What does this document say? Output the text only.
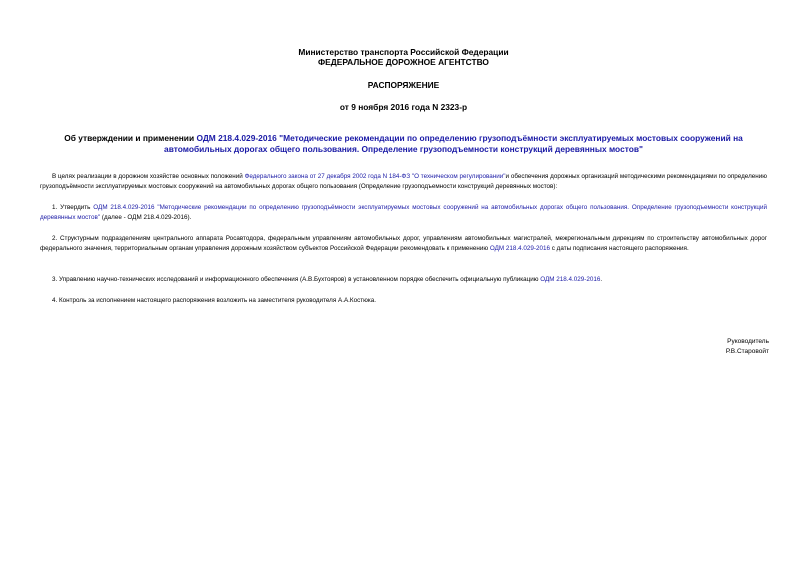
Министерство транспорта Российской Федерации
ФЕДЕРАЛЬНОЕ ДОРОЖНОЕ АГЕНТСТВО
РАСПОРЯЖЕНИЕ
от 9 ноября 2016 года N 2323-р
Об утверждении и применении ОДМ 218.4.029-2016 "Методические рекомендации по определению грузоподъёмности эксплуатируемых мостовых сооружений на автомобильных дорогах общего пользования. Определение грузоподъемности конструкций деревянных мостов"
В целях реализации в дорожном хозяйстве основных положений Федерального закона от 27 декабря 2002 года N 184-ФЗ "О техническом регулировании"и обеспечения дорожных организаций методическими рекомендациями по определению грузоподъёмности эксплуатируемых мостовых сооружений на автомобильных дорогах общего пользования (Определение грузоподъемности конструкций деревянных мостов):
1. Утвердить ОДМ 218.4.029-2016 "Методические рекомендации по определению грузоподъёмности эксплуатируемых мостовых сооружений на автомобильных дорогах общего пользования. Определение грузоподъемности конструкций деревянных мостов" (далее - ОДМ 218.4.029-2016).
2. Структурным подразделениям центрального аппарата Росавтодора, федеральным управлениям автомобильных дорог, управлениям автомобильных магистралей, межрегиональным дирекциям по строительству автомобильных дорог федерального значения, территориальным органам управления дорожным хозяйством субъектов Российской Федерации рекомендовать к применению ОДМ 218.4.029-2016 с даты подписания настоящего распоряжения.
3. Управлению научно-технических исследований и информационного обеспечения (А.В.Бухтояров) в установленном порядке обеспечить официальную публикацию ОДМ 218.4.029-2016.
4. Контроль за исполнением настоящего распоряжения возложить на заместителя руководителя А.А.Костюка.
Руководитель
Р.В.Старовойт
